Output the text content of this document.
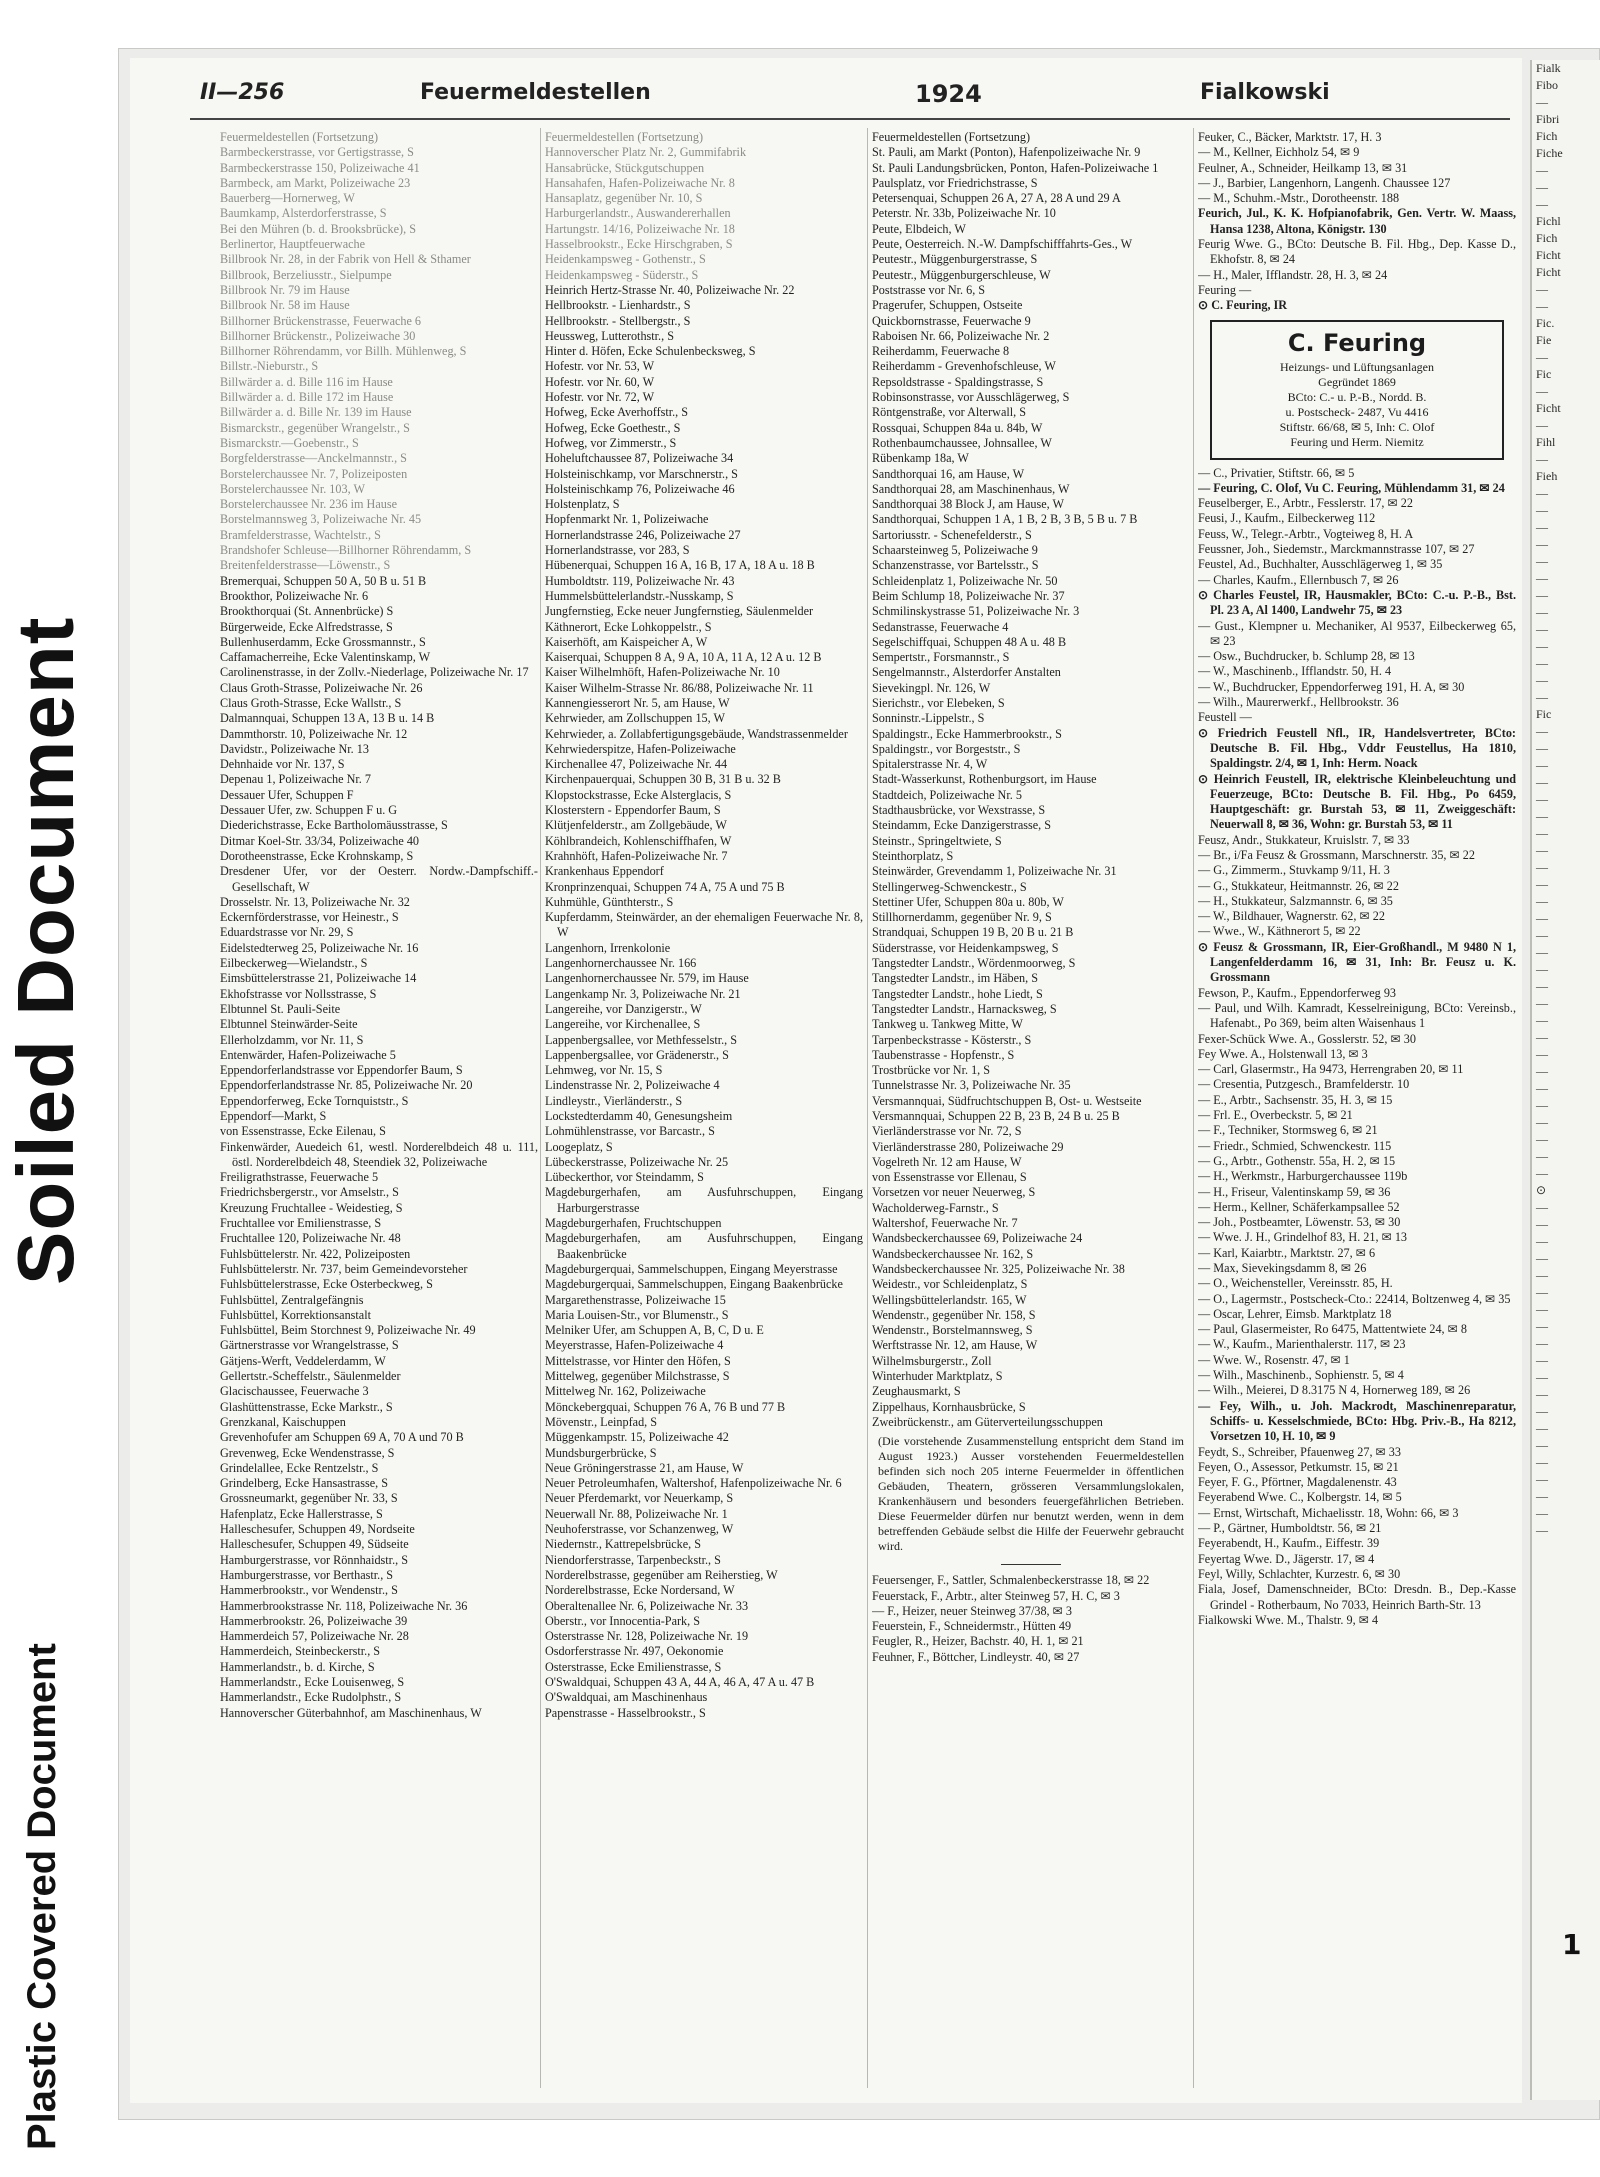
Soiled Document
Plastic Covered Document
II—256	Feuermeldestellen	1924	Fialkowski
Feuermeldestellen (Fortsetzung)
Barmbeckerstrasse, vor Gertigstrasse, S
Barmbeckerstrasse 150, Polizeiwache 41
Barmbeck, am Markt, Polizeiwache 23
Bauerberg—Hornerweg, W
Baumkamp, Alsterdorferstrasse, S
Bei den Mühren (b. d. Brooksbrücke), S
Berlinertor, Hauptfeuerwache
Billbrook Nr. 28, in der Fabrik von Hell & Sthamer
Billbrook, Berzeliusstr., Sielpumpe
Billbrook Nr. 79 im Hause
Billbrook Nr. 58 im Hause
Billhorner Brückenstrasse, Feuerwache 6
Billhorner Brückenstr., Polizeiwache 30
Billhorner Röhrendamm, vor Billh. Mühlenweg, S
Billstr.-Nieburstr., S
Billwärder a. d. Bille 116 im Hause
Billwärder a. d. Bille 172 im Hause
Billwärder a. d. Bille Nr. 139 im Hause
Bismarckstr., gegenüber Wrangelstr., S
Bismarckstr.—Goebenstr., S
Borgfelderstrasse—Anckelmannstr., S
Borstelerchaussee Nr. 7, Polizeiposten
Borstelerchaussee Nr. 103, W
Borstelerchaussee Nr. 236 im Hause
Borstelmannsweg 3, Polizeiwache Nr. 45
Bramfelderstrasse, Wachtelstr., S
Brandshofer Schleuse—Billhorner Röhrendamm, S
Breitenfelderstrasse—Löwenstr., S
Bremerquai, Schuppen 50 A, 50 B u. 51 B
Brookthor, Polizeiwache Nr. 6
Brookthorquai (St. Annenbrücke) S
Bürgerweide, Ecke Alfredstrasse, S
Bullenhuserdamm, Ecke Grossmannstr., S
Caffamacherreihe, Ecke Valentinskamp, W
Carolinenstrasse, in der Zollv.-Niederlage, Polizeiwache Nr. 17
Claus Groth-Strasse, Polizeiwache Nr. 26
Claus Groth-Strasse, Ecke Wallstr., S
Dalmannquai, Schuppen 13 A, 13 B u. 14 B
Dammthorstr. 10, Polizeiwache Nr. 12
Davidstr., Polizeiwache Nr. 13
Dehnhaide vor Nr. 137, S
Depenau 1, Polizeiwache Nr. 7
Dessauer Ufer, Schuppen F
Dessauer Ufer, zw. Schuppen F u. G
Diederichstrasse, Ecke Bartholomäusstrasse, S
Ditmar Koel-Str. 33/34, Polizeiwache 40
Dorotheenstrasse, Ecke Krohnskamp, S
Dresdener Ufer, vor der Oesterr. Nordw.-Dampfschiff.-Gesellschaft, W
Drosselstr. Nr. 13, Polizeiwache Nr. 32
Eckernförderstrasse, vor Heinestr., S
Eduardstrasse vor Nr. 29, S
Eidelstedterweg 25, Polizeiwache Nr. 16
Eilbeckerweg—Wielandstr., S
Eimsbüttelerstrasse 21, Polizeiwache 14
Ekhofstrasse vor Nollsstrasse, S
Elbtunnel St. Pauli-Seite
Elbtunnel Steinwärder-Seite
Ellerholzdamm, vor Nr. 11, S
Entenwärder, Hafen-Polizeiwache 5
Eppendorferlandstrasse vor Eppendorfer Baum, S
Eppendorferlandstrasse Nr. 85, Polizeiwache Nr. 20
Eppendorferweg, Ecke Tornquiststr., S
Eppendorf—Markt, S
von Essenstrasse, Ecke Eilenau, S
Finkenwärder, Auedeich 61, westl. Norderelbdeich 48 u. 111, östl. Norderelbdeich 48, Steendiek 32, Polizeiwache
Freiligrathstrasse, Feuerwache 5
Friedrichsbergerstr., vor Amselstr., S
Kreuzung Fruchtallee - Weidestieg, S
Fruchtallee vor Emilienstrasse, S
Fruchtallee 120, Polizeiwache Nr. 48
Fuhlsbüttelerstr. Nr. 422, Polizeiposten
Fuhlsbüttelerstr. Nr. 737, beim Gemeindevorsteher
Fuhlsbüttelerstrasse, Ecke Osterbeckweg, S
Fuhlsbüttel, Zentralgefängnis
Fuhlsbüttel, Korrektionsanstalt
Fuhlsbüttel, Beim Storchnest 9, Polizeiwache Nr. 49
Gärtnerstrasse vor Wrangelstrasse, S
Gätjens-Werft, Veddelerdamm, W
Gellertstr.-Scheffelstr., Säulenmelder
Glacischaussee, Feuerwache 3
Glashüttenstrasse, Ecke Markstr., S
Grenzkanal, Kaischuppen
Grevenhofufer am Schuppen 69 A, 70 A und 70 B
Grevenweg, Ecke Wendenstrasse, S
Grindelallee, Ecke Rentzelstr., S
Grindelberg, Ecke Hansastrasse, S
Grossneumarkt, gegenüber Nr. 33, S
Hafenplatz, Ecke Hallerstrasse, S
Halleschesufer, Schuppen 49, Nordseite
Halleschesufer, Schuppen 49, Südseite
Hamburgerstrasse, vor Rönnhaidstr., S
Hamburgerstrasse, vor Berthastr., S
Hammerbrookstr., vor Wendenstr., S
Hammerbrookstrasse Nr. 118, Polizeiwache Nr. 36
Hammerbrookstr. 26, Polizeiwache 39
Hammerdeich 57, Polizeiwache Nr. 28
Hammerdeich, Steinbeckerstr., S
Hammerlandstr., b. d. Kirche, S
Hammerlandstr., Ecke Louisenweg, S
Hammerlandstr., Ecke Rudolphstr., S
Hannoverscher Güterbahnhof, am Maschinenhaus, W
Feuermeldestellen (Fortsetzung)
Hannoverscher Platz Nr. 2, Gummifabrik
Hansabrücke, Stückgutschuppen
Hansahafen, Hafen-Polizeiwache Nr. 8
Hansaplatz, gegenüber Nr. 10, S
Harburgerlandstr., Auswandererhallen
Hartungstr. 14/16, Polizeiwache Nr. 18
Hasselbrookstr., Ecke Hirschgraben, S
Heidenkampsweg - Gothenstr., S
Heidenkampsweg - Süderstr., S
Heinrich Hertz-Strasse Nr. 40, Polizeiwache Nr. 22
Hellbrookstr. - Lienhardstr., S
Hellbrookstr. - Stellbergstr., S
Heussweg, Lutterothstr., S
Hinter d. Höfen, Ecke Schulenbecksweg, S
Hofestr. vor Nr. 53, W
Hofestr. vor Nr. 60, W
Hofestr. vor Nr. 72, W
Hofweg, Ecke Averhoffstr., S
Hofweg, Ecke Goethestr., S
Hofweg, vor Zimmerstr., S
Hoheluftchaussee 87, Polizeiwache 34
Holsteinischkamp, vor Marschnerstr., S
Holsteinischkamp 76, Polizeiwache 46
Holstenplatz, S
Hopfenmarkt Nr. 1, Polizeiwache
Hornerlandstrasse 246, Polizeiwache 27
Hornerlandstrasse, vor 283, S
Hübenerquai, Schuppen 16 A, 16 B, 17 A, 18 A u. 18 B
Humboldtstr. 119, Polizeiwache Nr. 43
Hummelsbüttelerlandstr.-Nusskamp, S
Jungfernstieg, Ecke neuer Jungfernstieg, Säulenmelder
Käthnerort, Ecke Lohkoppelstr., S
Kaiserhöft, am Kaispeicher A, W
Kaiserquai, Schuppen 8 A, 9 A, 10 A, 11 A, 12 A u. 12 B
Kaiser Wilhelmhöft, Hafen-Polizeiwache Nr. 10
Kaiser Wilhelm-Strasse Nr. 86/88, Polizeiwache Nr. 11
Kannengiesserort Nr. 5, am Hause, W
Kehrwieder, am Zollschuppen 15, W
Kehrwieder, a. Zollabfertigungsgebäude, Wandstrassenmelder
Kehrwiederspitze, Hafen-Polizeiwache
Kirchenallee 47, Polizeiwache Nr. 44
Kirchenpauerquai, Schuppen 30 B, 31 B u. 32 B
Klopstockstrasse, Ecke Alsterglacis, S
Klosterstern - Eppendorfer Baum, S
Klütjenfelderstr., am Zollgebäude, W
Köhlbrandeich, Kohlenschiffhafen, W
Krahnhöft, Hafen-Polizeiwache Nr. 7
Krankenhaus Eppendorf
Kronprinzenquai, Schuppen 74 A, 75 A und 75 B
Kuhmühle, Günthterstr., S
Kupferdamm, Steinwärder, an der ehemaligen Feuerwache Nr. 8, W
Langenhorn, Irrenkolonie
Langenhornerchaussee Nr. 166
Langenhornerchaussee Nr. 579, im Hause
Langenkamp Nr. 3, Polizeiwache Nr. 21
Langereihe, vor Danzigerstr., W
Langereihe, vor Kirchenallee, S
Lappenbergsallee, vor Methfesselstr., S
Lappenbergsallee, vor Grädenerstr., S
Lehmweg, vor Nr. 15, S
Lindenstrasse Nr. 2, Polizeiwache 4
Lindleystr., Vierländerstr., S
Lockstedterdamm 40, Genesungsheim
Lohmühlenstrasse, vor Barcastr., S
Loogeplatz, S
Lübeckerstrasse, Polizeiwache Nr. 25
Lübeckerthor, vor Steindamm, S
Magdeburgerhafen, am Ausfuhrschuppen, Eingang Harburgerstrasse
Magdeburgerhafen, Fruchtschuppen
Magdeburgerhafen, am Ausfuhrschuppen, Eingang Baakenbrücke
Magdeburgerquai, Sammelschuppen, Eingang Meyerstrasse
Magdeburgerquai, Sammelschuppen, Eingang Baakenbrücke
Margarethenstrasse, Polizeiwache 15
Maria Louisen-Str., vor Blumenstr., S
Melniker Ufer, am Schuppen A, B, C, D u. E
Meyerstrasse, Hafen-Polizeiwache 4
Mittelstrasse, vor Hinter den Höfen, S
Mittelweg, gegenüber Milchstrasse, S
Mittelweg Nr. 162, Polizeiwache
Mönckebergquai, Schuppen 76 A, 76 B und 77 B
Mövenstr., Leinpfad, S
Müggenkampstr. 15, Polizeiwache 42
Mundsburgerbrücke, S
Neue Gröningerstrasse 21, am Hause, W
Neuer Petroleumhafen, Waltershof, Hafenpolizeiwache Nr. 6
Neuer Pferdemarkt, vor Neuerkamp, S
Neuerwall Nr. 88, Polizeiwache Nr. 1
Neuhoferstrasse, vor Schanzenweg, W
Niedernstr., Kattrepelsbrücke, S
Niendorferstrasse, Tarpenbeckstr., S
Norderelbstrasse, gegenüber am Reiherstieg, W
Norderelbstrasse, Ecke Nordersand, W
Oberaltenallee Nr. 6, Polizeiwache Nr. 33
Oberstr., vor Innocentia-Park, S
Osterstrasse Nr. 128, Polizeiwache Nr. 19
Osdorferstrasse Nr. 497, Oekonomie
Osterstrasse, Ecke Emilienstrasse, S
O'Swaldquai, Schuppen 43 A, 44 A, 46 A, 47 A u. 47 B
O'Swaldquai, am Maschinenhaus
Papenstrasse - Hasselbrookstr., S
Feuermeldestellen (Fortsetzung)
St. Pauli, am Markt (Ponton), Hafenpolizeiwache Nr. 9
St. Pauli Landungsbrücken, Ponton, Hafen-Polizeiwache 1
Paulsplatz, vor Friedrichstrasse, S
Petersenquai, Schuppen 26 A, 27 A, 28 A und 29 A
Peterstr. Nr. 33b, Polizeiwache Nr. 10
Peute, Elbdeich, W
Peute, Oesterreich. N.-W. Dampfschifffahrts-Ges., W
Peutestr., Müggenburgerstrasse, S
Peutestr., Müggenburgerschleuse, W
Poststrasse vor Nr. 6, S
Pragerufer, Schuppen, Ostseite
Quickbornstrasse, Feuerwache 9
Raboisen Nr. 66, Polizeiwache Nr. 2
Reiherdamm, Feuerwache 8
Reiherdamm - Grevenhofschleuse, W
Repsoldstrasse - Spaldingstrasse, S
Robinsonstrasse, vor Ausschlägerweg, S
Röntgenstraße, vor Alterwall, S
Rossquai, Schuppen 84a u. 84b, W
Rothenbaumchaussee, Johnsallee, W
Rübenkamp 18a, W
Sandthorquai 16, am Hause, W
Sandthorquai 28, am Maschinenhaus, W
Sandthorquai 38 Block J, am Hause, W
Sandthorquai, Schuppen 1 A, 1 B, 2 B, 3 B, 5 B u. 7 B
Sartoriusstr. - Schenefelderstr., S
Schaarsteinweg 5, Polizeiwache 9
Schanzenstrasse, vor Bartelsstr., S
Schleidenplatz 1, Polizeiwache Nr. 50
Beim Schlump 18, Polizeiwache Nr. 37
Schmilinskystrasse 51, Polizeiwache Nr. 3
Sedanstrasse, Feuerwache 4
Segelschiffquai, Schuppen 48 A u. 48 B
Sempertstr., Forsmannstr., S
Sengelmannstr., Alsterdorfer Anstalten
Sievekingpl. Nr. 126, W
Sierichstr., vor Elebeken, S
Sonninstr.-Lippelstr., S
Spaldingstr., Ecke Hammerbrookstr., S
Spaldingstr., vor Borgeststr., S
Spitalerstrasse Nr. 4, W
Stadt-Wasserkunst, Rothenburgsort, im Hause
Stadtdeich, Polizeiwache Nr. 5
Stadthausbrücke, vor Wexstrasse, S
Steindamm, Ecke Danzigerstrasse, S
Steinstr., Springeltwiete, S
Steinthorplatz, S
Steinwärder, Grevendamm 1, Polizeiwache Nr. 31
Stellingerweg-Schwenckestr., S
Stettiner Ufer, Schuppen 80a u. 80b, W
Stillhornerdamm, gegenüber Nr. 9, S
Strandquai, Schuppen 19 B, 20 B u. 21 B
Süderstrasse, vor Heidenkampsweg, S
Tangstedter Landstr., Wördenmoorweg, S
Tangstedter Landstr., im Häben, S
Tangstedter Landstr., hohe Liedt, S
Tangstedter Landstr., Harnacksweg, S
Tankweg u. Tankweg Mitte, W
Tarpenbeckstrasse - Kösterstr., S
Taubenstrasse - Hopfenstr., S
Trostbrücke vor Nr. 1, S
Tunnelstrasse Nr. 3, Polizeiwache Nr. 35
Versmannquai, Südfruchtschuppen B, Ost- u. Westseite
Versmannquai, Schuppen 22 B, 23 B, 24 B u. 25 B
Vierländerstrasse vor Nr. 72, S
Vierländerstrasse 280, Polizeiwache 29
Vogelreth Nr. 12 am Hause, W
von Essenstrasse vor Ellenau, S
Vorsetzen vor neuer Neuerweg, S
Wacholderweg-Farnstr., S
Waltershof, Feuerwache Nr. 7
Wandsbeckerchaussee 69, Polizeiwache 24
Wandsbeckerchaussee Nr. 162, S
Wandsbeckerchaussee Nr. 325, Polizeiwache Nr. 38
Weidestr., vor Schleidenplatz, S
Wellingsbüttelerlandstr. 165, W
Wendenstr., gegenüber Nr. 158, S
Wendenstr., Borstelmannsweg, S
Werftstrasse Nr. 12, am Hause, W
Wilhelmsburgerstr., Zoll
Winterhuder Marktplatz, S
Zeughausmarkt, S
Zippelhaus, Kornhausbrücke, S
Zweibrückenstr., am Güterverteilungsschuppen
(Die vorstehende Zusammenstellung entspricht dem Stand im August 1923.) Ausser vorstehenden Feuermeldestellen befinden sich noch 205 interne Feuermelder in öffentlichen Gebäuden, Theatern, grösseren Versammlungslokalen, Krankenhäusern und besonders feuergefährlichen Betrieben. Diese Feuermelder dürfen nur benutzt werden, wenn in dem betreffenden Gebäude selbst die Hilfe der Feuerwehr gebraucht wird.
Feuersenger, F., Sattler, Schmalenbeckerstrasse 18, ✉ 22
Feuerstack, F., Arbtr., alter Steinweg 57, H. C, ✉ 3
— F., Heizer, neuer Steinweg 37/38, ✉ 3
Feuerstein, F., Schneidermstr., Hütten 49
Feugler, R., Heizer, Bachstr. 40, H. 1, ✉ 21
Feuhner, F., Böttcher, Lindleystr. 40, ✉ 27
Feuker, C., Bäcker, Marktstr. 17, H. 3
— M., Kellner, Eichholz 54, ✉ 9
Feulner, A., Schneider, Heilkamp 13, ✉ 31
— J., Barbier, Langenhorn, Langenh. Chaussee 127
— M., Schuhm.-Mstr., Dorotheenstr. 188
Feurich, Jul., K. K. Hofpianofabrik, Gen. Vertr. W. Maass, Hansa 1238, Altona, Königstr. 130
Feurig Wwe. G., BCto: Deutsche B. Fil. Hbg., Dep. Kasse D., Ekhofstr. 8, ✉ 24
— H., Maler, Ifflandstr. 28, H. 3, ✉ 24
Feuring —
⊙ C. Feuring, IR
C. Feuring
Heizungs- und Lüftungsanlagen
Gegründet 1869
BCto: C.- u. P.-B., Nordd. B.
u. Postscheck- 2487, Vu 4416
Stiftstr. 66/68, ✉ 5, Inh: C. Olof
Feuring und Herm. Niemitz
— C., Privatier, Stiftstr. 66, ✉ 5
— Feuring, C. Olof, Vu C. Feuring, Mühlendamm 31, ✉ 24
Feuselberger, E., Arbtr., Fesslerstr. 17, ✉ 22
Feusi, J., Kaufm., Eilbeckerweg 112
Feuss, W., Telegr.-Arbtr., Vogteiweg 8, H. A
Feussner, Joh., Siedemstr., Marckmannstrasse 107, ✉ 27
Feustel, Ad., Buchhalter, Ausschlägerweg 1, ✉ 35
— Charles, Kaufm., Ellernbusch 7, ✉ 26
⊙ Charles Feustel, IR, Hausmakler, BCto: C.-u. P.-B., Bst. Pl. 23 A, Al 1400, Landwehr 75, ✉ 23
— Gust., Klempner u. Mechaniker, Al 9537, Eilbeckerweg 65, ✉ 23
— Osw., Buchdrucker, b. Schlump 28, ✉ 13
— W., Maschinenb., Ifflandstr. 50, H. 4
— W., Buchdrucker, Eppendorferweg 191, H. A, ✉ 30
— Wilh., Maurerwerkf., Hellbrookstr. 36
Feustell —
⊙ Friedrich Feustell Nfl., IR, Handelsvertreter, BCto: Deutsche B. Fil. Hbg., Vddr Feustellus, Ha 1810, Spaldingstr. 2/4, ✉ 1, Inh: Herm. Noack
⊙ Heinrich Feustell, IR, elektrische Kleinbeleuchtung und Feuerzeuge, BCto: Deutsche B. Fil. Hbg., Po 6459, Hauptgeschäft: gr. Burstah 53, ✉ 11, Zweiggeschäft: Neuerwall 8, ✉ 36, Wohn: gr. Burstah 53, ✉ 11
Feusz, Andr., Stukkateur, Kruislstr. 7, ✉ 33
— Br., i/Fa Feusz & Grossmann, Marschnerstr. 35, ✉ 22
— G., Zimmerm., Stuvkamp 9/11, H. 3
— G., Stukkateur, Heitmannstr. 26, ✉ 22
— H., Stukkateur, Salzmannstr. 6, ✉ 35
— W., Bildhauer, Wagnerstr. 62, ✉ 22
— Wwe., W., Käthnerort 5, ✉ 22
⊙ Feusz & Grossmann, IR, Eier-Großhandl., M 9480 N 1, Langenfelderdamm 16, ✉ 31, Inh: Br. Feusz u. K. Grossmann
Fewson, P., Kaufm., Eppendorferweg 93
— Paul, und Wilh. Kamradt, Kesselreinigung, BCto: Vereinsb., Hafenabt., Po 369, beim alten Waisenhaus 1
Fexer-Schück Wwe. A., Gosslerstr. 52, ✉ 30
Fey Wwe. A., Holstenwall 13, ✉ 3
— Carl, Glasermstr., Ha 9473, Herrengraben 20, ✉ 11
— Cresentia, Putzgesch., Bramfelderstr. 10
— E., Arbtr., Sachsenstr. 35, H. 3, ✉ 15
— Frl. E., Overbeckstr. 5, ✉ 21
— F., Techniker, Stormsweg 6, ✉ 21
— Friedr., Schmied, Schwenckestr. 115
— G., Arbtr., Gothenstr. 55a, H. 2, ✉ 15
— H., Werkmstr., Harburgerchaussee 119b
— H., Friseur, Valentinskamp 59, ✉ 36
— Herm., Kellner, Schäferkampsallee 52
— Joh., Postbeamter, Löwenstr. 53, ✉ 30
— Wwe. J. H., Grindelhof 83, H. 21, ✉ 13
— Karl, Kaiarbtr., Marktstr. 27, ✉ 6
— Max, Sievekingsdamm 8, ✉ 26
— O., Weichensteller, Vereinsstr. 85, H.
— O., Lagermstr., Postscheck-Cto.: 22414, Boltzenweg 4, ✉ 35
— Oscar, Lehrer, Eimsb. Marktplatz 18
— Paul, Glasermeister, Ro 6475, Mattentwiete 24, ✉ 8
— W., Kaufm., Marienthalerstr. 117, ✉ 23
— Wwe. W., Rosenstr. 47, ✉ 1
— Wilh., Maschinenb., Sophienstr. 5, ✉ 4
— Wilh., Meierei, D 8.3175 N 4, Hornerweg 189, ✉ 26
— Fey, Wilh., u. Joh. Mackrodt, Maschinenreparatur, Schiffs- u. Kesselschmiede, BCto: Hbg. Priv.-B., Ha 8212, Vorsetzen 10, H. 10, ✉ 9
Feydt, S., Schreiber, Pfauenweg 27, ✉ 33
Feyen, O., Assessor, Petkumstr. 15, ✉ 21
Feyer, F. G., Pförtner, Magdalenenstr. 43
Feyerabend Wwe. C., Kolbergstr. 14, ✉ 5
— Ernst, Wirtschaft, Michaelisstr. 18, Wohn: 66, ✉ 3
— P., Gärtner, Humboldtstr. 56, ✉ 21
Feyerabendt, H., Kaufm., Eiffestr. 39
Feyertag Wwe. D., Jägerstr. 17, ✉ 4
Feyl, Willy, Schlachter, Kurzestr. 6, ✉ 30
Fiala, Josef, Damenschneider, BCto: Dresdn. B., Dep.-Kasse Grindel - Rotherbaum, No 7033, Heinrich Barth-Str. 13
Fialkowski Wwe. M., Thalstr. 9, ✉ 4
Fialk
Fibo
—
Fibri
Fich
Fiche
—
—
—
Fichl
Fich
Ficht
Ficht
—
—
Fic.
Fie
—
Fic
—
Ficht
—
Fihl
—
Fieh
—
—
—
—
—
—
—
—
—
—
—
—
—
Fic
—
—
—
—
—
—
—
—
—
—
—
—
—
—
—
—
—
—
—
—
—
—
—
—
—
—
—
⊙
—
—
—
—
—
—
—
—
—
—
—
—
—
—
—
—
—
—
—
—
1
